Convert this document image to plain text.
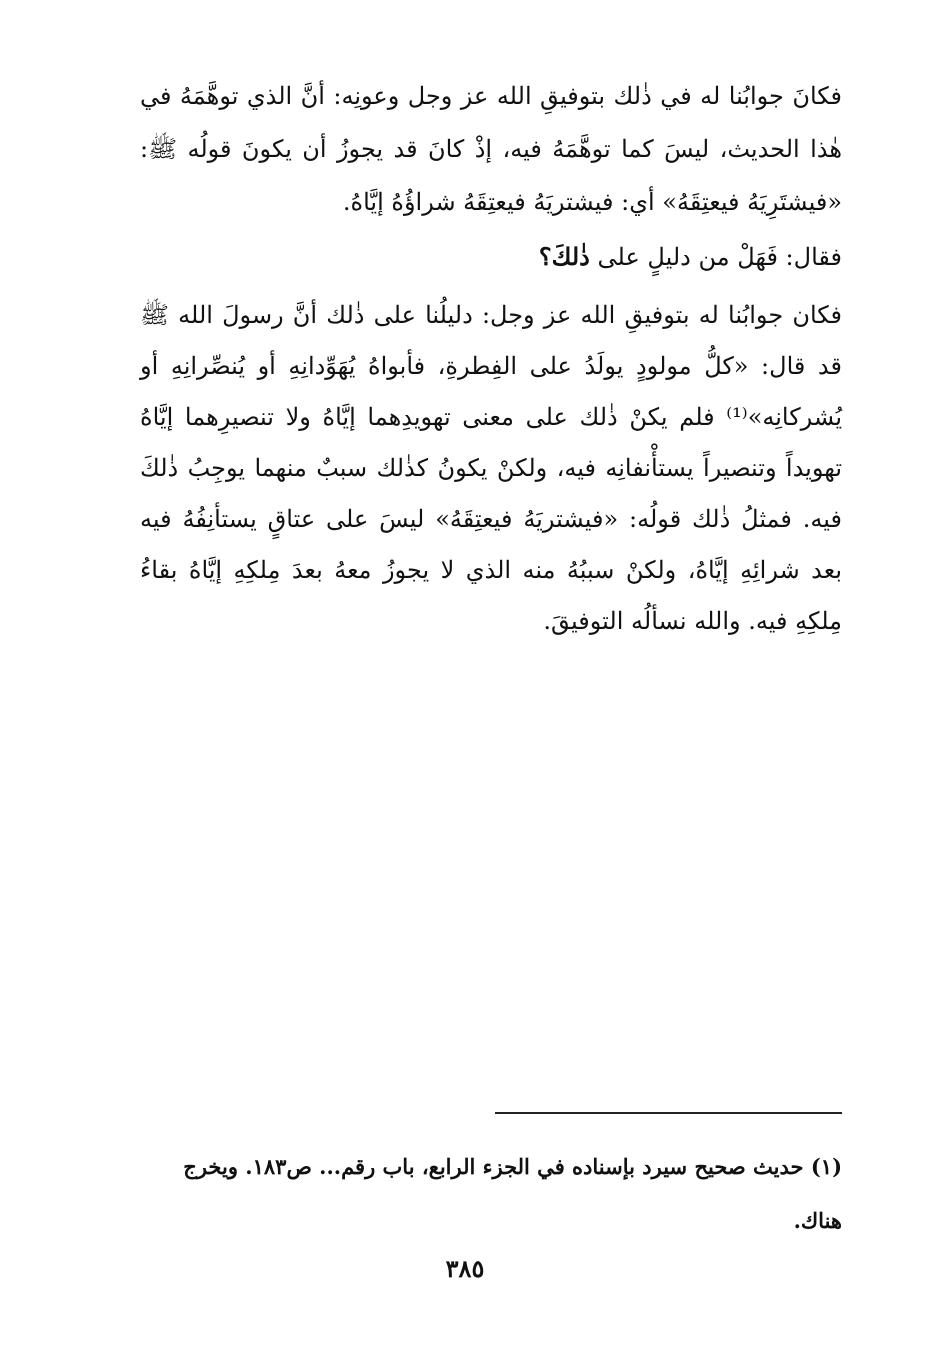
فكانَ جوابُنا له في ذٰلك بتوفيقِ الله عز وجل وعونِه: أنَّ الذي توهَّمَهُ في هٰذا الحديث، ليسَ كما توهَّمَهُ فيه، إذْ كانَ قد يجوزُ أن يكونَ قولُه ﷺ: «فيشتَرِيَهُ فيعتِقَهُ» أي: فيشتريَهُ فيعتِقَهُ شراؤُهُ إيَّاهُ.
فقال: فَهَلْ من دليلٍ على ذٰلكَ؟
فكان جوابُنا له بتوفيقِ الله عز وجل: دليلُنا على ذٰلك أنَّ رسولَ الله ﷺ قد قال: «كلُّ مولودٍ يولَدُ على الفِطرةِ، فأبواهُ يُهَوِّدانِهِ أو يُنصِّرانِهِ أو يُشركانِه»⁽¹⁾ فلم يكنْ ذٰلك على معنى تهويدِهما إيَّاهُ ولا تنصيرِهما إيَّاهُ تهويداً وتنصيراً يستأْنفانِه فيه، ولكنْ يكونُ كذٰلك سببٌ منهما يوجِبُ ذٰلكَ فيه. فمثلُ ذٰلك قولُه: «فيشتريَهُ فيعتِقَهُ» ليسَ على عتاقٍ يستأنِفُهُ فيه بعد شرائِهِ إيَّاهُ، ولكنْ سببُهُ منه الذي لا يجوزُ معهُ بعدَ مِلكِهِ إيَّاهُ بقاءُ مِلكِهِ فيه. والله نسألُه التوفيقَ.
(١) حديث صحيح سيرد بإسناده في الجزء الرابع، باب رقم... ص١٨٣. ويخرج هناك.
٣٨٥
